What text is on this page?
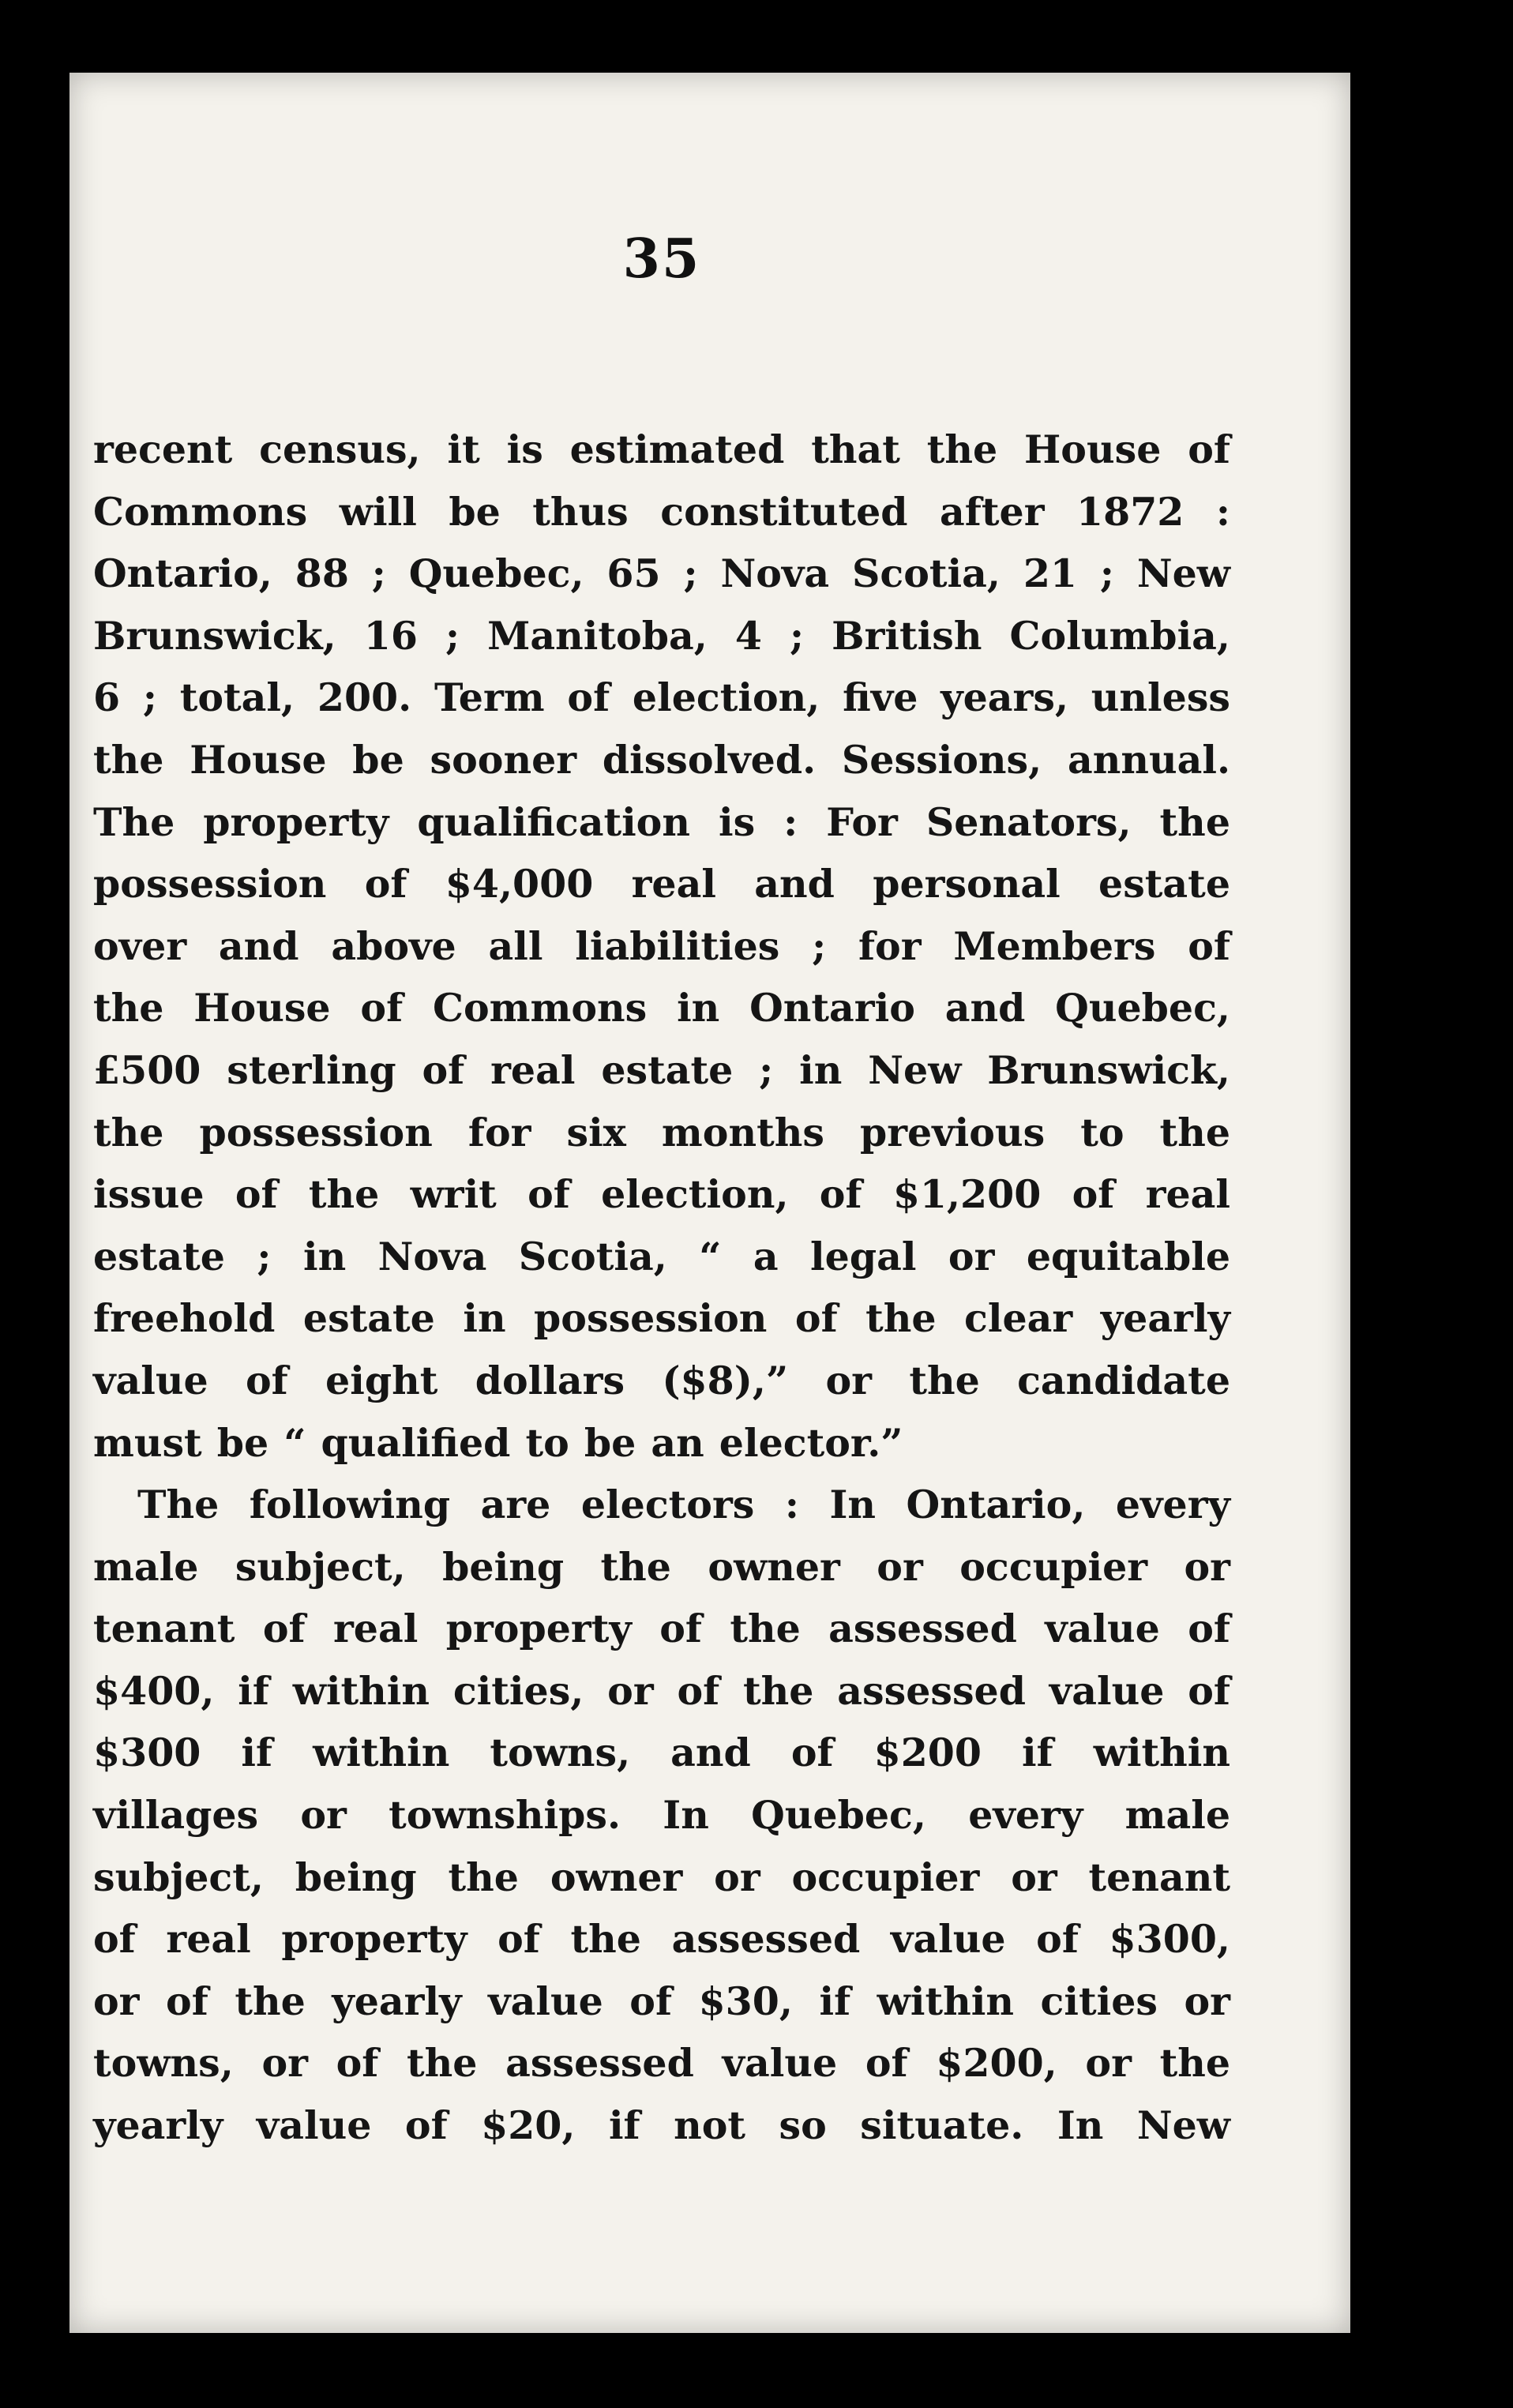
35

recent census, it is estimated that the House of
Commons will be thus constituted after 1872 :
Ontario, 88 ; Quebec, 65 ; Nova Scotia, 21 ; New
Brunswick, 16 ; Manitoba, 4 ; British Columbia,
6 ; total, 200. Term of election, five years, unless
the House be sooner dissolved. Sessions, annual.
The property qualification is : For Senators, the
possession of $4,000 real and personal estate
over and above all liabilities ; for Members of
the House of Commons in Ontario and Quebec,
£500 sterling of real estate ; in New Brunswick,
the possession for six months previous to the
issue of the writ of election, of $1,200 of real
estate ; in Nova Scotia, “ a legal or equitable
freehold estate in possession of the clear yearly
value of eight dollars ($8),” or the candidate
must be “ qualified to be an elector.”

The following are electors : In Ontario, every
male subject, being the owner or occupier or
tenant of real property of the assessed value of
$400, if within cities, or of the assessed value of
$300 if within towns, and of $200 if within
villages or townships. In Quebec, every male
subject, being the owner or occupier or tenant
of real property of the assessed value of $300,
or of the yearly value of $30, if within cities or
towns, or of the assessed value of $200, or the
yearly value of $20, if not so situate. In New
